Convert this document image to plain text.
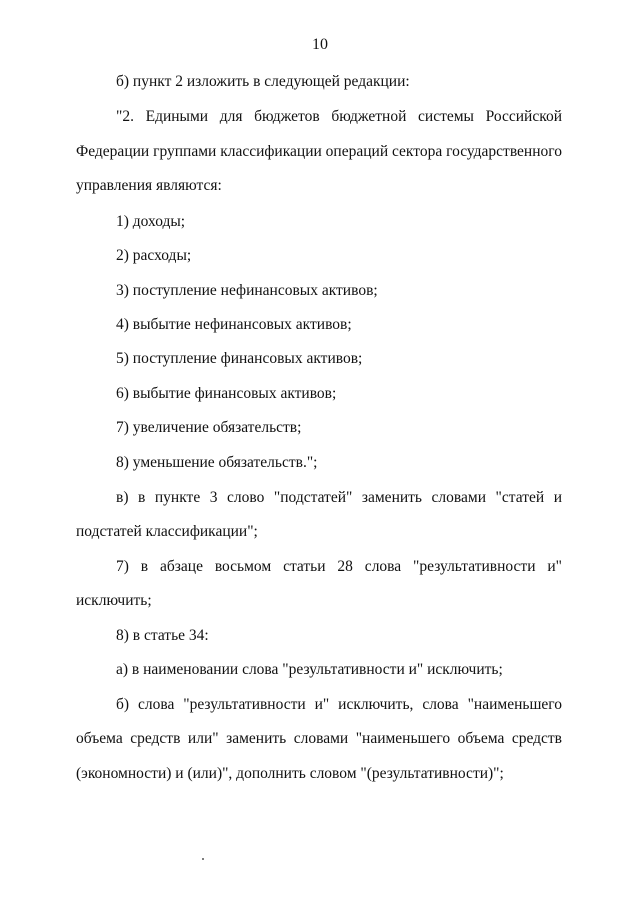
10
б) пункт 2 изложить в следующей редакции:
"2. Едиными для бюджетов бюджетной системы Российской
Федерации группами классификации операций сектора государственного
управления являются:
1) доходы;
2) расходы;
3) поступление нефинансовых активов;
4) выбытие нефинансовых активов;
5) поступление финансовых активов;
6) выбытие финансовых активов;
7) увеличение обязательств;
8) уменьшение обязательств.";
в) в пункте 3 слово "подстатей" заменить словами "статей и
подстатей классификации";
7) в абзаце восьмом статьи 28 слова "результативности и"
исключить;
8) в статье 34:
а) в наименовании слова "результативности и" исключить;
б) слова "результативности и" исключить, слова "наименьшего
объема средств или" заменить словами "наименьшего объема средств
(экономности) и (или)", дополнить словом "(результативности)";
